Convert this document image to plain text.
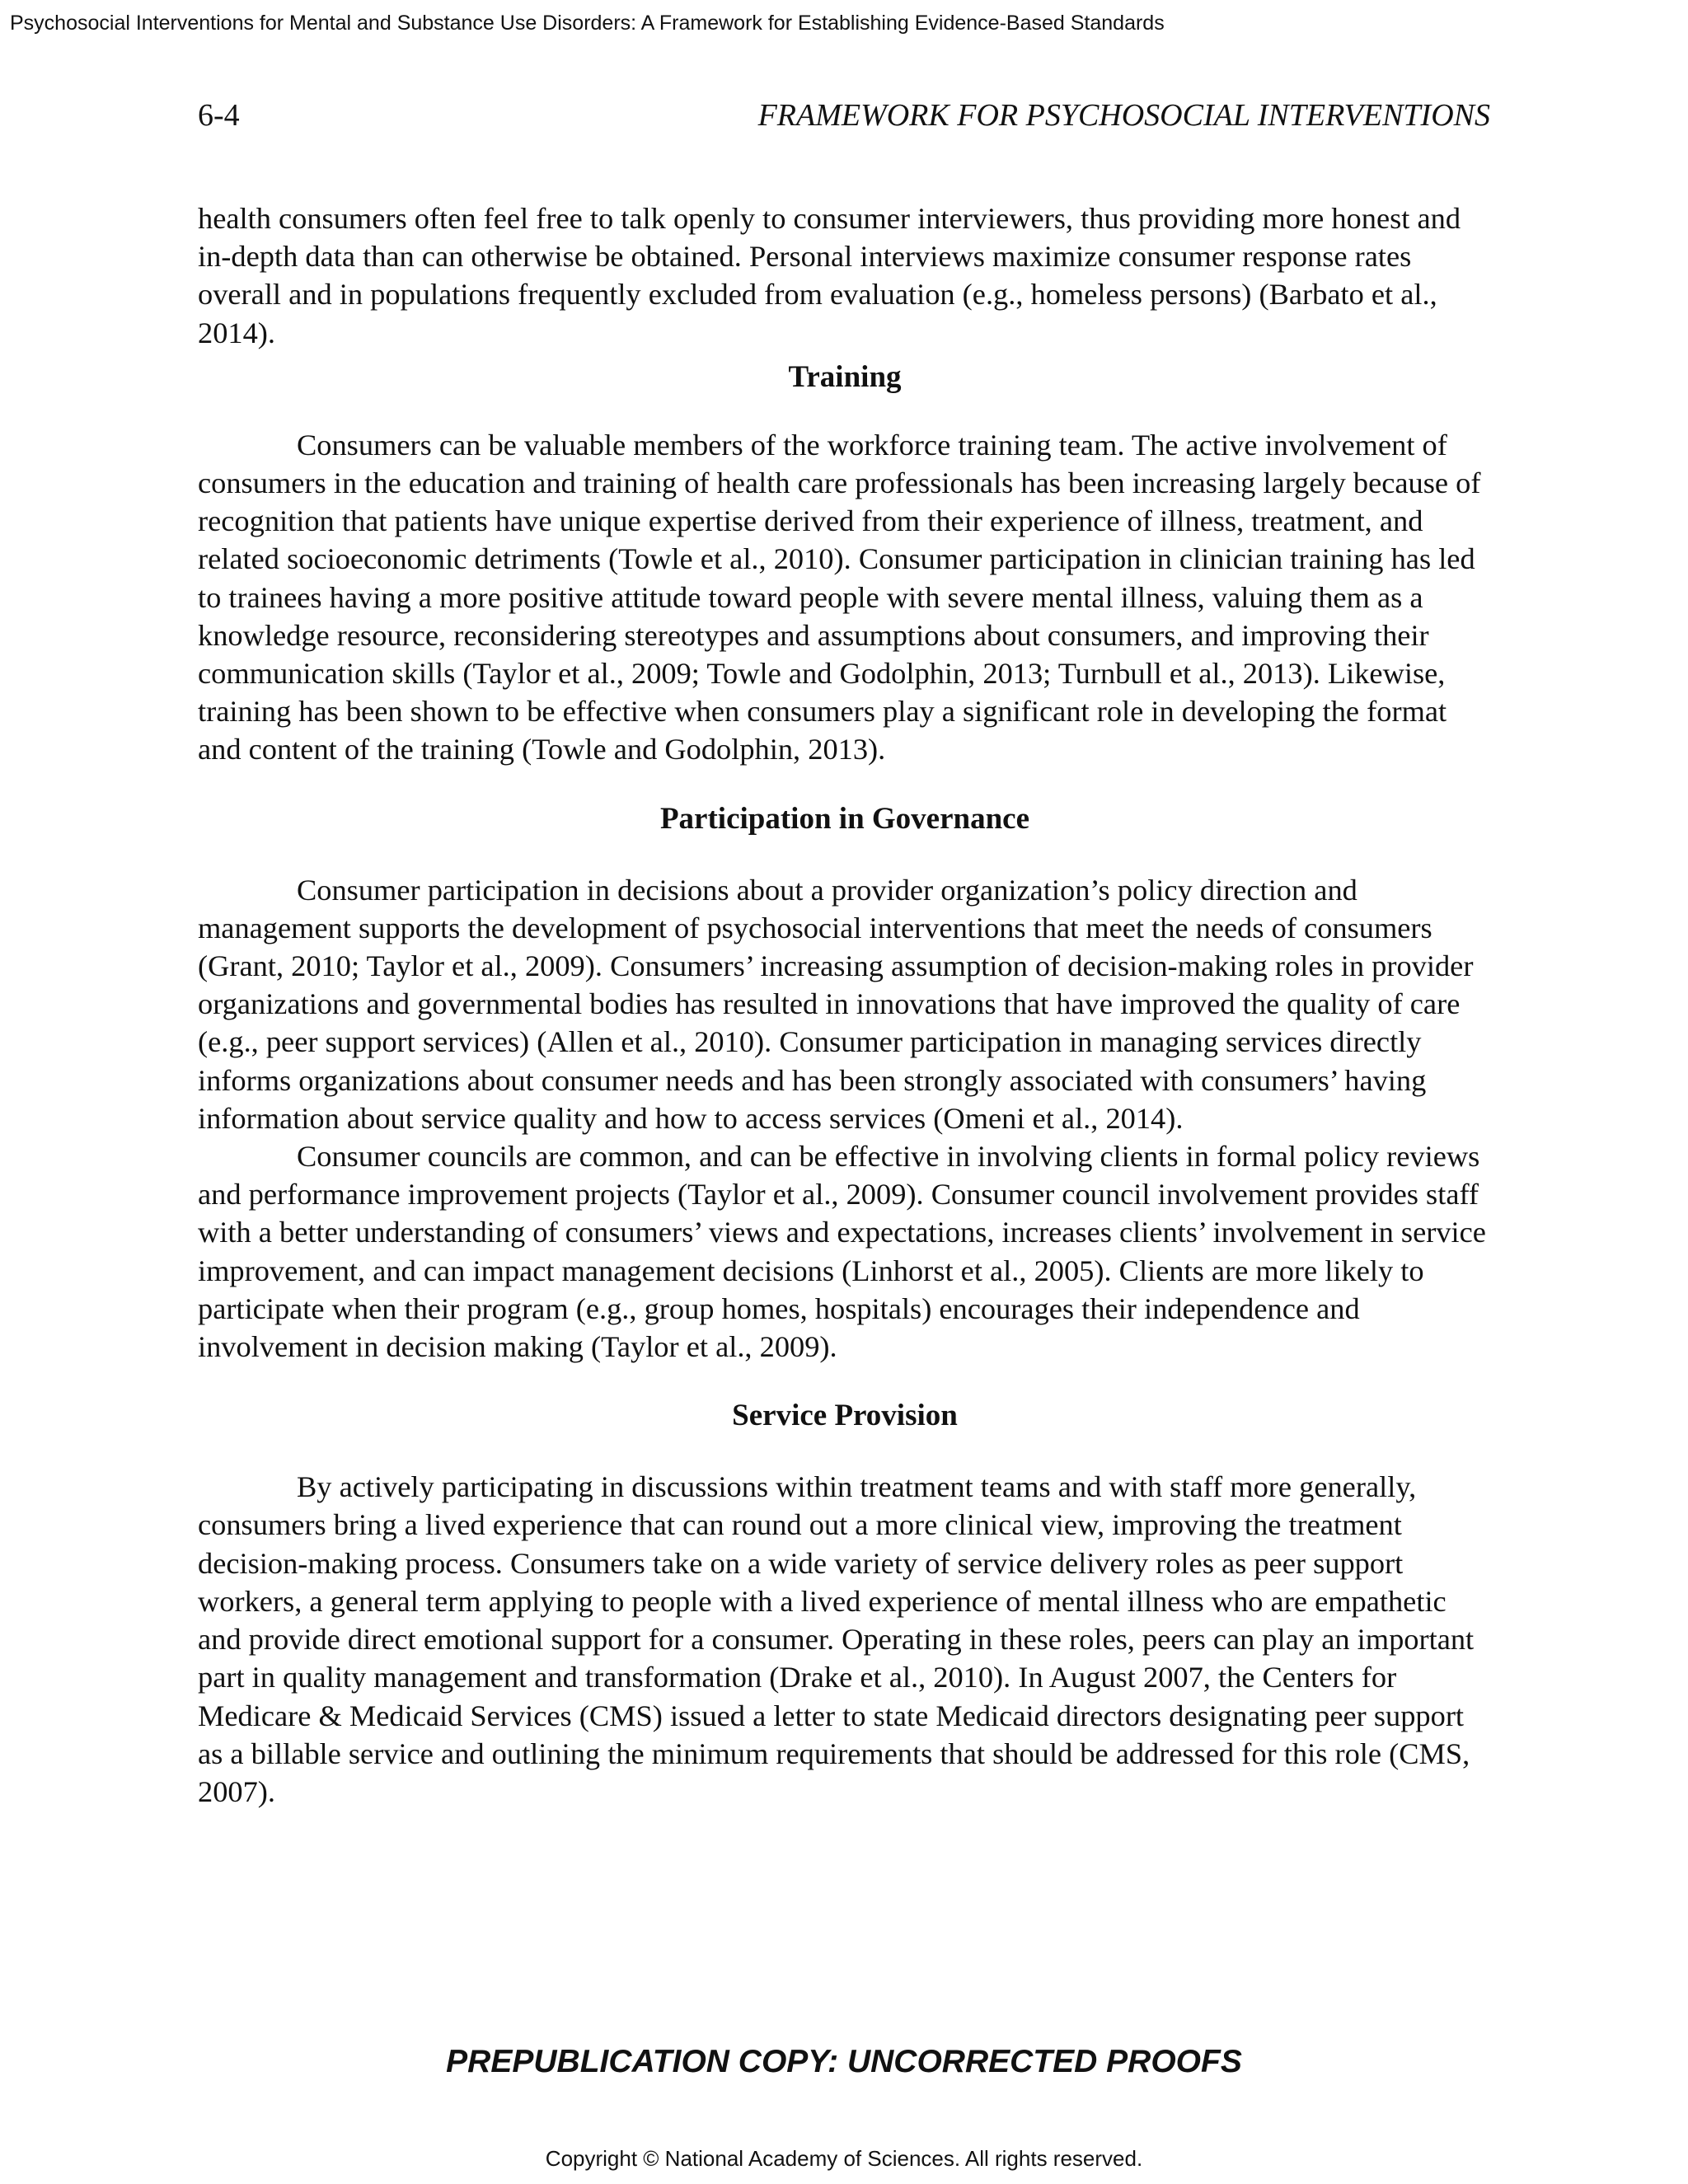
Psychosocial Interventions for Mental and Substance Use Disorders: A Framework for Establishing Evidence-Based Standards
6-4	FRAMEWORK FOR PSYCHOSOCIAL INTERVENTIONS

health consumers often feel free to talk openly to consumer interviewers, thus providing more honest and in-depth data than can otherwise be obtained. Personal interviews maximize consumer response rates overall and in populations frequently excluded from evaluation (e.g., homeless persons) (Barbato et al., 2014).

Training

Consumers can be valuable members of the workforce training team. The active involvement of consumers in the education and training of health care professionals has been increasing largely because of recognition that patients have unique expertise derived from their experience of illness, treatment, and related socioeconomic detriments (Towle et al., 2010). Consumer participation in clinician training has led to trainees having a more positive attitude toward people with severe mental illness, valuing them as a knowledge resource, reconsidering stereotypes and assumptions about consumers, and improving their communication skills (Taylor et al., 2009; Towle and Godolphin, 2013; Turnbull et al., 2013). Likewise, training has been shown to be effective when consumers play a significant role in developing the format and content of the training (Towle and Godolphin, 2013).

Participation in Governance

Consumer participation in decisions about a provider organization’s policy direction and management supports the development of psychosocial interventions that meet the needs of consumers (Grant, 2010; Taylor et al., 2009). Consumers’ increasing assumption of decision-making roles in provider organizations and governmental bodies has resulted in innovations that have improved the quality of care (e.g., peer support services) (Allen et al., 2010). Consumer participation in managing services directly informs organizations about consumer needs and has been strongly associated with consumers’ having information about service quality and how to access services (Omeni et al., 2014).

Consumer councils are common, and can be effective in involving clients in formal policy reviews and performance improvement projects (Taylor et al., 2009). Consumer council involvement provides staff with a better understanding of consumers’ views and expectations, increases clients’ involvement in service improvement, and can impact management decisions (Linhorst et al., 2005). Clients are more likely to participate when their program (e.g., group homes, hospitals) encourages their independence and involvement in decision making (Taylor et al., 2009).

Service Provision

By actively participating in discussions within treatment teams and with staff more generally, consumers bring a lived experience that can round out a more clinical view, improving the treatment decision-making process. Consumers take on a wide variety of service delivery roles as peer support workers, a general term applying to people with a lived experience of mental illness who are empathetic and provide direct emotional support for a consumer. Operating in these roles, peers can play an important part in quality management and transformation (Drake et al., 2010). In August 2007, the Centers for Medicare & Medicaid Services (CMS) issued a letter to state Medicaid directors designating peer support as a billable service and outlining the minimum requirements that should be addressed for this role (CMS, 2007).

PREPUBLICATION COPY: UNCORRECTED PROOFS
Copyright © National Academy of Sciences. All rights reserved.
